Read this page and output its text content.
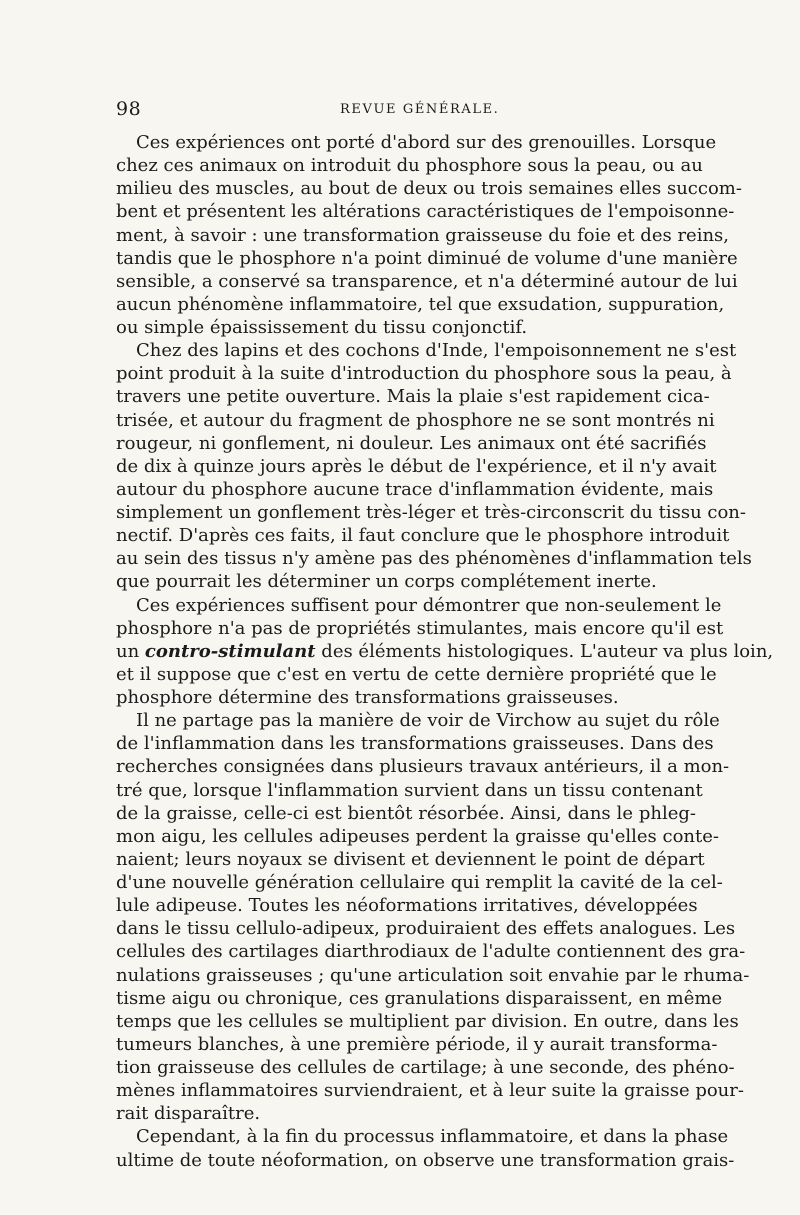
98	REVUE GÉNÉRALE.
Ces expériences ont porté d'abord sur des grenouilles. Lorsque
chez ces animaux on introduit du phosphore sous la peau, ou au
milieu des muscles, au bout de deux ou trois semaines elles succom-
bent et présentent les altérations caractéristiques de l'empoisonne-
ment, à savoir : une transformation graisseuse du foie et des reins,
tandis que le phosphore n'a point diminué de volume d'une manière
sensible, a conservé sa transparence, et n'a déterminé autour de lui
aucun phénomène inflammatoire, tel que exsudation, suppuration,
ou simple épaississement du tissu conjonctif.
Chez des lapins et des cochons d'Inde, l'empoisonnement ne s'est
point produit à la suite d'introduction du phosphore sous la peau, à
travers une petite ouverture. Mais la plaie s'est rapidement cica-
trisée, et autour du fragment de phosphore ne se sont montrés ni
rougeur, ni gonflement, ni douleur. Les animaux ont été sacrifiés
de dix à quinze jours après le début de l'expérience, et il n'y avait
autour du phosphore aucune trace d'inflammation évidente, mais
simplement un gonflement très-léger et très-circonscrit du tissu con-
nectif. D'après ces faits, il faut conclure que le phosphore introduit
au sein des tissus n'y amène pas des phénomènes d'inflammation tels
que pourrait les déterminer un corps complétement inerte.
Ces expériences suffisent pour démontrer que non-seulement le
phosphore n'a pas de propriétés stimulantes, mais encore qu'il est
un contro-stimulant des éléments histologiques. L'auteur va plus loin,
et il suppose que c'est en vertu de cette dernière propriété que le
phosphore détermine des transformations graisseuses.
Il ne partage pas la manière de voir de Virchow au sujet du rôle
de l'inflammation dans les transformations graisseuses. Dans des
recherches consignées dans plusieurs travaux antérieurs, il a mon-
tré que, lorsque l'inflammation survient dans un tissu contenant
de la graisse, celle-ci est bientôt résorbée. Ainsi, dans le phleg-
mon aigu, les cellules adipeuses perdent la graisse qu'elles conte-
naient; leurs noyaux se divisent et deviennent le point de départ
d'une nouvelle génération cellulaire qui remplit la cavité de la cel-
lule adipeuse. Toutes les néoformations irritatives, développées
dans le tissu cellulo-adipeux, produiraient des effets analogues. Les
cellules des cartilages diarthrodiaux de l'adulte contiennent des gra-
nulations graisseuses ; qu'une articulation soit envahie par le rhuma-
tisme aigu ou chronique, ces granulations disparaissent, en même
temps que les cellules se multiplient par division. En outre, dans les
tumeurs blanches, à une première période, il y aurait transforma-
tion graisseuse des cellules de cartilage; à une seconde, des phéno-
mènes inflammatoires surviendraient, et à leur suite la graisse pour-
rait disparaître.
Cependant, à la fin du processus inflammatoire, et dans la phase
ultime de toute néoformation, on observe une transformation grais-
